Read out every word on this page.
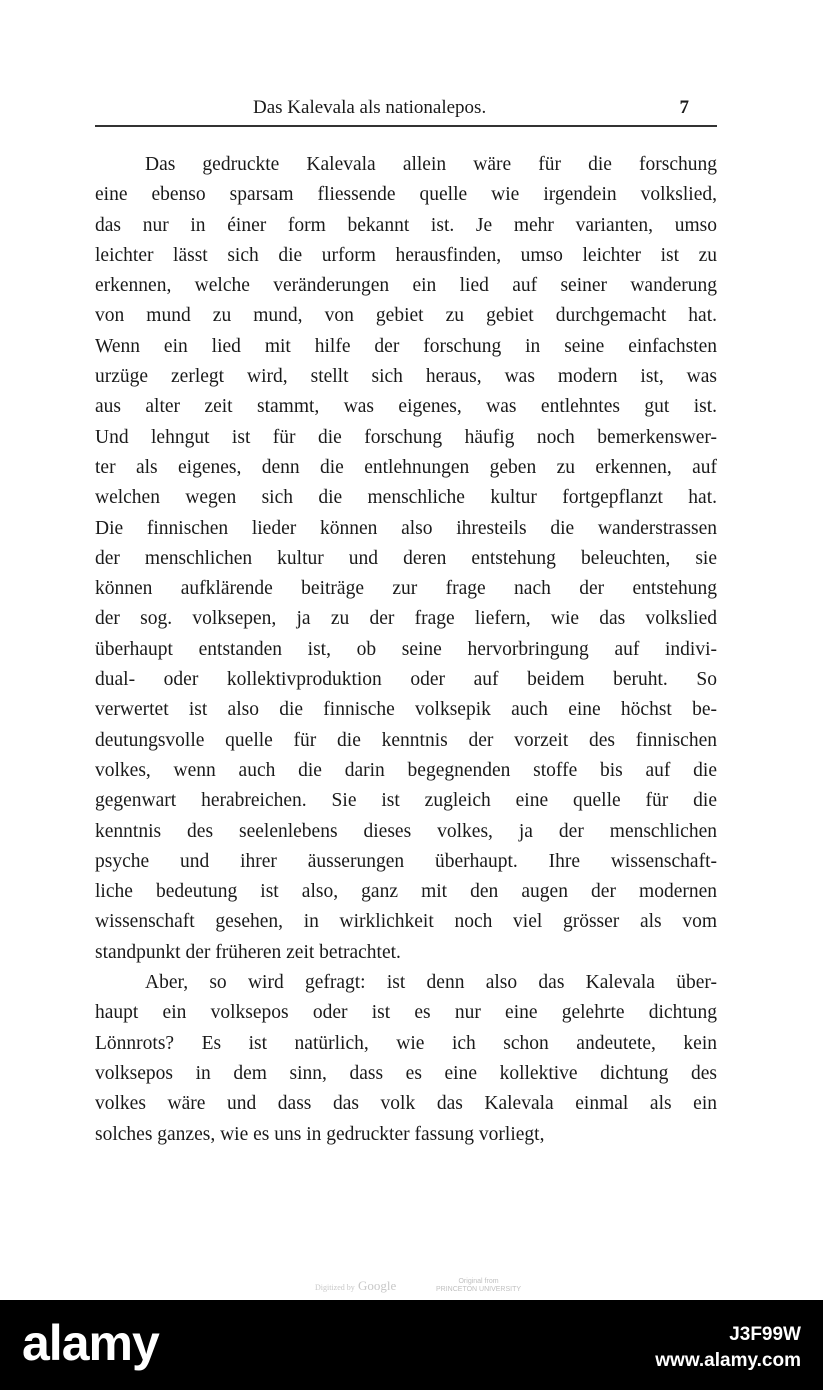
Das Kalevala als nationalepos.	7
Das gedruckte Kalevala allein wäre für die forschung
eine ebenso sparsam fliessende quelle wie irgendein volkslied,
das nur in éiner form bekannt ist. Je mehr varianten, umso
leichter lässt sich die urform herausfinden, umso leichter ist zu
erkennen, welche veränderungen ein lied auf seiner wanderung
von mund zu mund, von gebiet zu gebiet durchgemacht hat.
Wenn ein lied mit hilfe der forschung in seine einfachsten
urzüge zerlegt wird, stellt sich heraus, was modern ist, was
aus alter zeit stammt, was eigenes, was entlehntes gut ist.
Und lehngut ist für die forschung häufig noch bemerkenswer-
ter als eigenes, denn die entlehnungen geben zu erkennen, auf
welchen wegen sich die menschliche kultur fortgepflanzt hat.
Die finnischen lieder können also ihresteils die wanderstrassen
der menschlichen kultur und deren entstehung beleuchten, sie
können aufklärende beiträge zur frage nach der entstehung
der sog. volksepen, ja zu der frage liefern, wie das volkslied
überhaupt entstanden ist, ob seine hervorbringung auf indivi-
dual- oder kollektivproduktion oder auf beidem beruht. So
verwertet ist also die finnische volksepik auch eine höchst be-
deutungsvolle quelle für die kenntnis der vorzeit des finnischen
volkes, wenn auch die darin begegnenden stoffe bis auf die
gegenwart herabreichen. Sie ist zugleich eine quelle für die
kenntnis des seelenlebens dieses volkes, ja der menschlichen
psyche und ihrer äusserungen überhaupt. Ihre wissenschaft-
liche bedeutung ist also, ganz mit den augen der modernen
wissenschaft gesehen, in wirklichkeit noch viel grösser als vom
standpunkt der früheren zeit betrachtet.
Aber, so wird gefragt: ist denn also das Kalevala über-
haupt ein volksepos oder ist es nur eine gelehrte dichtung
Lönnrots? Es ist natürlich, wie ich schon andeutete, kein
volksepos in dem sinn, dass es eine kollektive dichtung des
volkes wäre und dass das volk das Kalevala einmal als ein
solches ganzes, wie es uns in gedruckter fassung vorliegt,
Digitized by Google	Original from
PRINCETON UNIVERSITY
alamy	J3F99W
www.alamy.com
